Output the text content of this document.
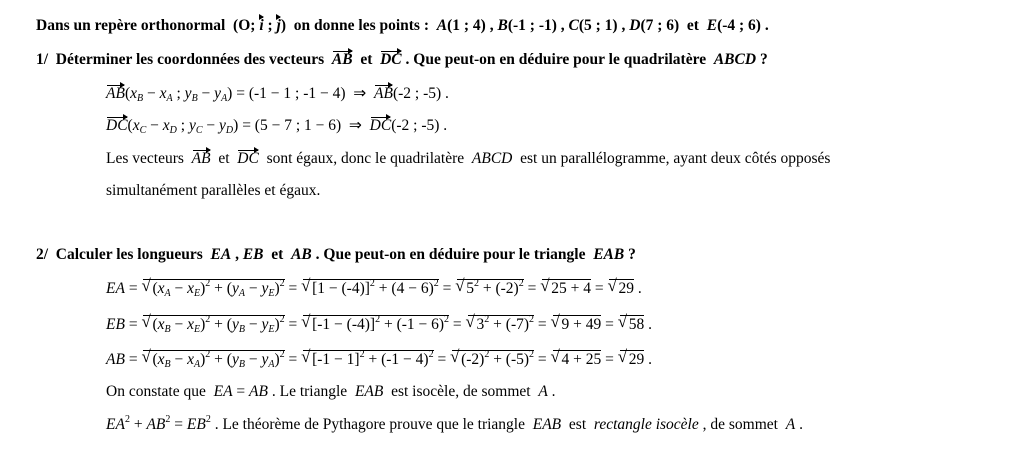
Dans un repère orthonormal  (O; i ; j)  on donne les points :  A(1 ; 4) , B(-1 ; -1) , C(5 ; 1) , D(7 ; 6)  et  E(-4 ; 6) .
1/  Déterminer les coordonnées des vecteurs  AB  et  DC . Que peut-on en déduire pour le quadrilatère  ABCD ?
$AB(x_B - x_A$ ; $y_B - y_A) = (-1 - 1$ ; -1 − 4)  ⇒  AB(-2 ; -5) .
$DC(x_C - x_D$ ; $y_C - y_D) = (5 - 7$ ; 1 − 6)  ⇒  DC(-2 ; -5) .
Les vecteurs  AB  et  DC  sont égaux, donc le quadrilatère  ABCD  est un parallélogramme, ayant deux côtés opposés
simultanément parallèles et égaux.
2/  Calculer les longueurs  EA , EB  et  AB . Que peut-on en déduire pour le triangle  EAB ?
EA = √ $(x_A - x_E)^2 + (y_A - y_E)^2$ = √ $[1 - (-4)]^2 + (4 - 6)^2$ = √ $5^2 + (-2)^2$ = √ 25 + 4 = √ 29 .
EB = √ $(x_B - x_E)^2 + (y_B - y_E)^2$ = √ $[-1 - (-4)]^2 + (-1 - 6)^2$ = √ $3^2 + (-7)^2$ = √ 9 + 49 = √ 58 .
AB = √ $(x_B - x_A)^2 + (y_B - y_A)^2$ = √ $[-1 - 1]^2 + (-1 - 4)^2$ = √ $(-2)^2 + (-5)^2$ = √ 4 + 25 = √ 29 .
On constate que  EA = AB . Le triangle  EAB  est isocèle, de sommet  A .
$EA^2 + AB^2 = EB^2$ . Le théorème de Pythagore prouve que le triangle  EAB  est  rectangle isocèle , de sommet  A .
